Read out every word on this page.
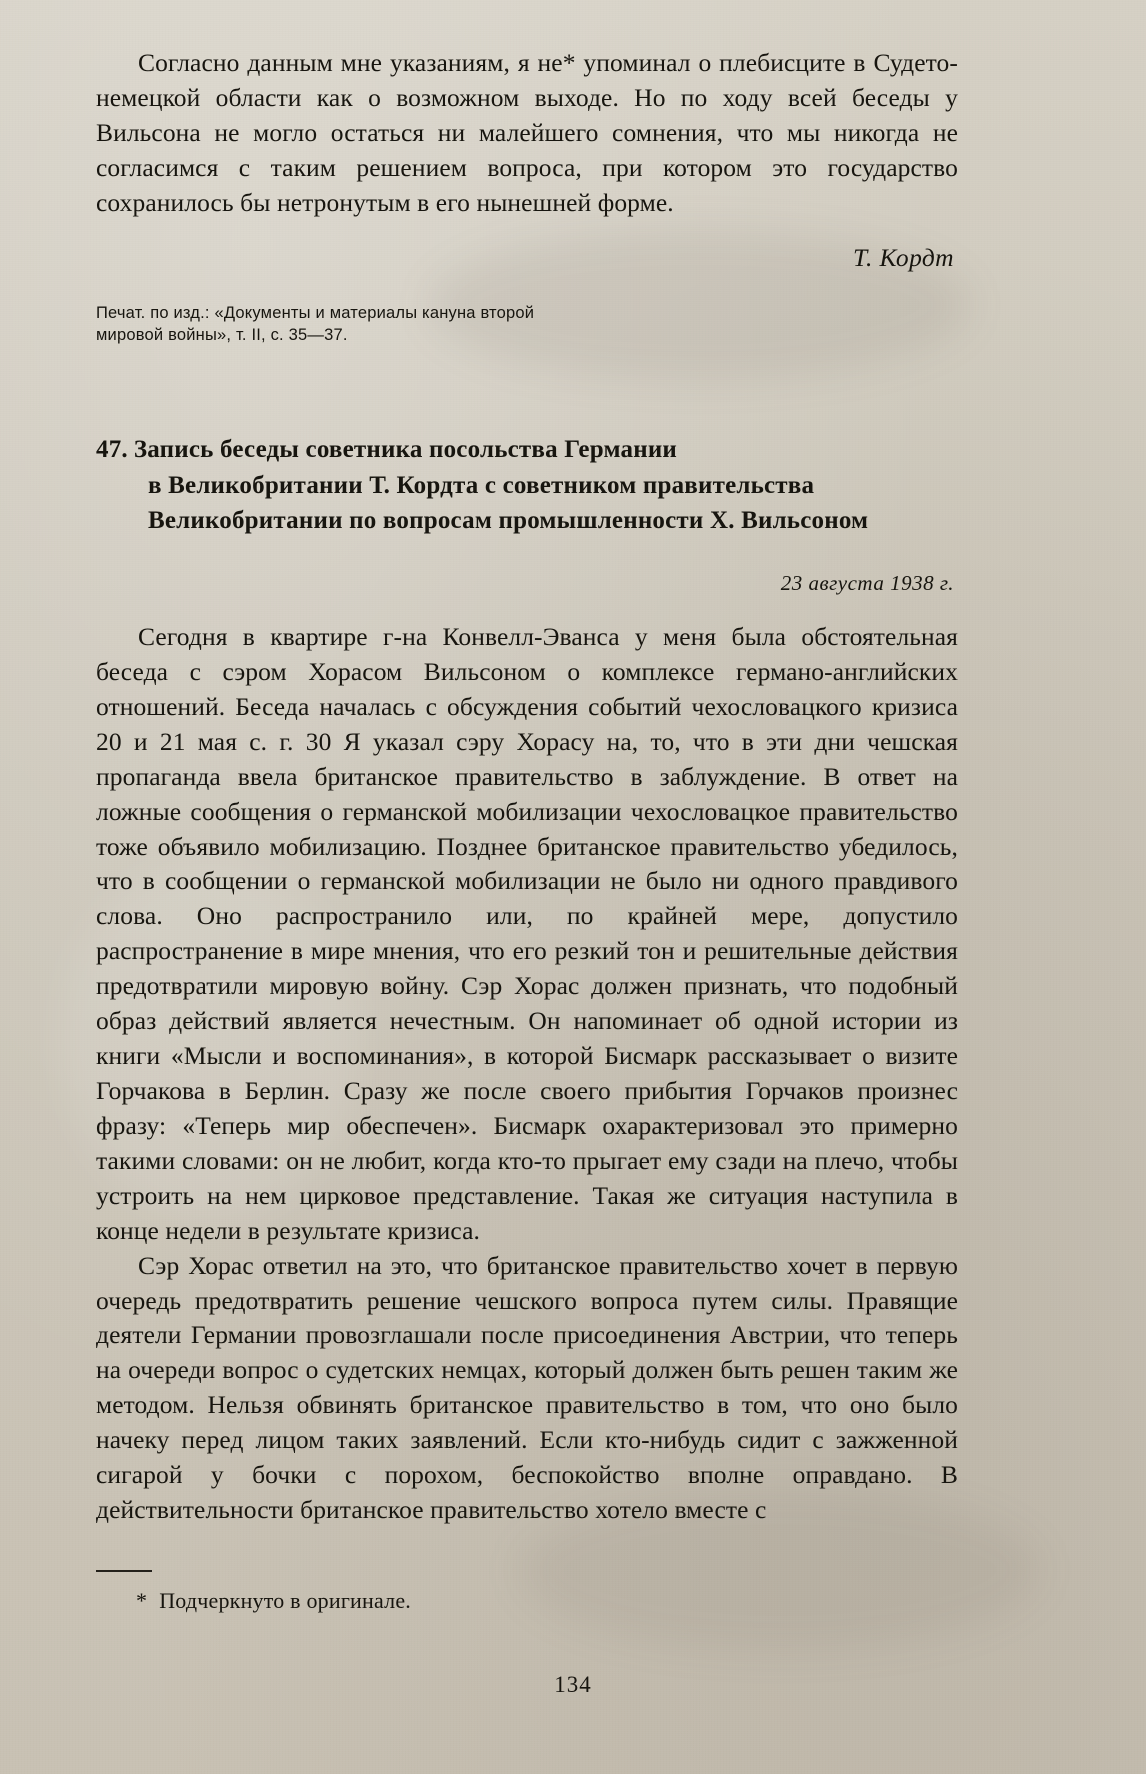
Согласно данным мне указаниям, я не* упоминал о плебисците в Судето-немецкой области как о возможном выходе. Но по ходу всей беседы у Вильсона не могло остаться ни малейшего сомнения, что мы никогда не согласимся с таким решением вопроса, при котором это государство сохранилось бы нетронутым в его нынешней форме.

Т. Кордт
Печат. по изд.: «Документы и материалы кануна второй мировой войны», т. II, с. 35—37.
47. Запись беседы советника посольства Германии
в Великобритании Т. Кордта с советником правительства
Великобритании по вопросам промышленности X. Вильсоном
23 августа 1938 г.

Сегодня в квартире г-на Конвелл-Эванса у меня была обстоятельная беседа с сэром Хорасом Вильсоном о комплексе германо-английских отношений. Беседа началась с обсуждения событий чехословацкого кризиса 20 и 21 мая с. г. 30 Я указал сэру Хорасу на, то, что в эти дни чешская пропаганда ввела британское правительство в заблуждение. В ответ на ложные сообщения о германской мобилизации чехословацкое правительство тоже объявило мобилизацию. Позднее британское правительство убедилось, что в сообщении о германской мобилизации не было ни одного правдивого слова. Оно распространило или, по крайней мере, допустило распространение в мире мнения, что его резкий тон и решительные действия предотвратили мировую войну. Сэр Хорас должен признать, что подобный образ действий является нечестным. Он напоминает об одной истории из книги «Мысли и воспоминания», в которой Бисмарк рассказывает о визите Горчакова в Берлин. Сразу же после своего прибытия Горчаков произнес фразу: «Теперь мир обеспечен». Бисмарк охарактеризовал это примерно такими словами: он не любит, когда кто-то прыгает ему сзади на плечо, чтобы устроить на нем цирковое представление. Такая же ситуация наступила в конце недели в результате кризиса.

Сэр Хорас ответил на это, что британское правительство хочет в первую очередь предотвратить решение чешского вопроса путем силы. Правящие деятели Германии провозглашали после присоединения Австрии, что теперь на очереди вопрос о судетских немцах, который должен быть решен таким же методом. Нельзя обвинять британское правительство в том, что оно было начеку перед лицом таких заявлений. Если кто-нибудь сидит с зажженной сигарой у бочки с порохом, беспокойство вполне оправдано. В действительности британское правительство хотело вместе с

* Подчеркнуто в оригинале.
134
